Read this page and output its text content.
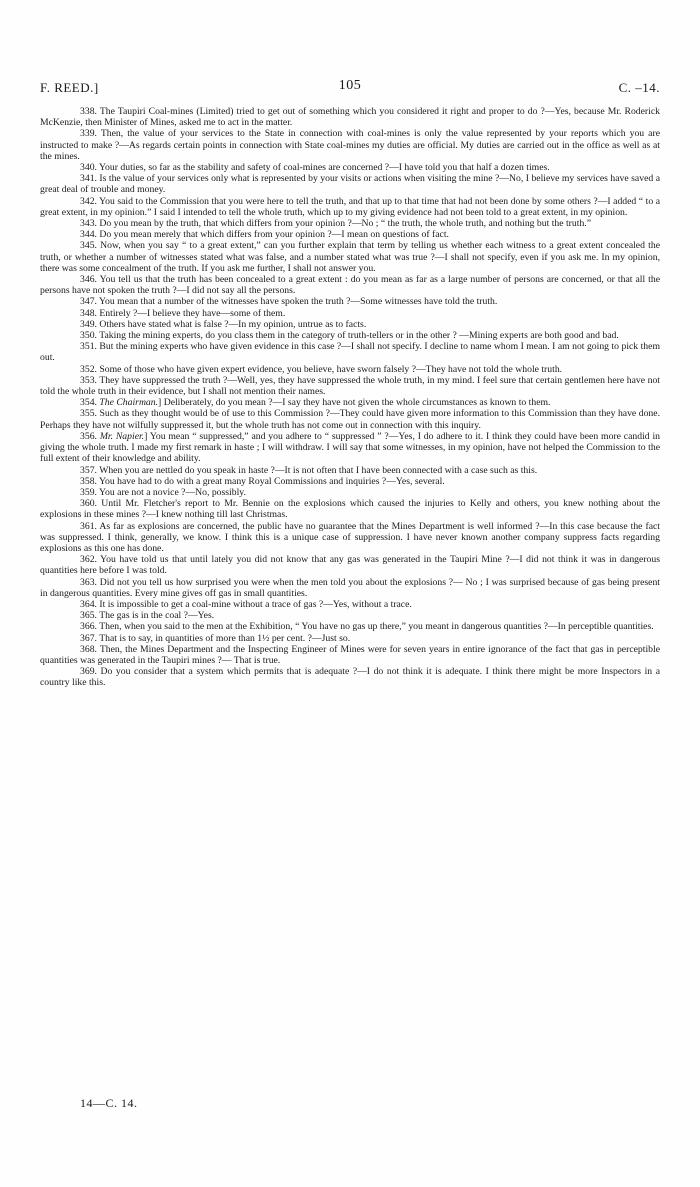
F. REED.]	105	C. –14.

338. The Taupiri Coal-mines (Limited) tried to get out of something which you considered it right and proper to do ?—Yes, because Mr. Roderick McKenzie, then Minister of Mines, asked me to act in the matter.

339. Then, the value of your services to the State in connection with coal-mines is only the value represented by your reports which you are instructed to make ?—As regards certain points in connection with State coal-mines my duties are official. My duties are carried out in the office as well as at the mines.

340. Your duties, so far as the stability and safety of coal-mines are concerned ?—I have told you that half a dozen times.

341. Is the value of your services only what is represented by your visits or actions when visiting the mine ?—No, I believe my services have saved a great deal of trouble and money.

342. You said to the Commission that you were here to tell the truth, and that up to that time that had not been done by some others ?—I added “ to a great extent, in my opinion.” I said I intended to tell the whole truth, which up to my giving evidence had not been told to a great extent, in my opinion.

343. Do you mean by the truth, that which differs from your opinion ?—No ; “ the truth, the whole truth, and nothing but the truth.”

344. Do you mean merely that which differs from your opinion ?—I mean on questions of fact.

345. Now, when you say “ to a great extent,” can you further explain that term by telling us whether each witness to a great extent concealed the truth, or whether a number of witnesses stated what was false, and a number stated what was true ?—I shall not specify, even if you ask me. In my opinion, there was some concealment of the truth. If you ask me further, I shall not answer you.

346. You tell us that the truth has been concealed to a great extent : do you mean as far as a large number of persons are concerned, or that all the persons have not spoken the truth ?—I did not say all the persons.

347. You mean that a number of the witnesses have spoken the truth ?—Some witnesses have told the truth.

348. Entirely ?—I believe they have—some of them.

349. Others have stated what is false ?—In my opinion, untrue as to facts.

350. Taking the mining experts, do you class them in the category of truth-tellers or in the other ? —Mining experts are both good and bad.

351. But the mining experts who have given evidence in this case ?—I shall not specify. I decline to name whom I mean. I am not going to pick them out.

352. Some of those who have given expert evidence, you believe, have sworn falsely ?—They have not told the whole truth.

353. They have suppressed the truth ?—Well, yes, they have suppressed the whole truth, in my mind. I feel sure that certain gentlemen here have not told the whole truth in their evidence, but I shall not mention their names.

354. The Chairman.] Deliberately, do you mean ?—I say they have not given the whole circumstances as known to them.

355. Such as they thought would be of use to this Commission ?—They could have given more information to this Commission than they have done. Perhaps they have not wilfully suppressed it, but the whole truth has not come out in connection with this inquiry.

356. Mr. Napier.] You mean “ suppressed,” and you adhere to “ suppressed ” ?—Yes, I do adhere to it. I think they could have been more candid in giving the whole truth. I made my first remark in haste ; I will withdraw. I will say that some witnesses, in my opinion, have not helped the Commission to the full extent of their knowledge and ability.

357. When you are nettled do you speak in haste ?—It is not often that I have been connected with a case such as this.

358. You have had to do with a great many Royal Commissions and inquiries ?—Yes, several.

359. You are not a novice ?—No, possibly.

360. Until Mr. Fletcher's report to Mr. Bennie on the explosions which caused the injuries to Kelly and others, you knew nothing about the explosions in these mines ?—I knew nothing till last Christmas.

361. As far as explosions are concerned, the public have no guarantee that the Mines Department is well informed ?—In this case because the fact was suppressed. I think, generally, we know. I think this is a unique case of suppression. I have never known another company suppress facts regarding explosions as this one has done.

362. You have told us that until lately you did not know that any gas was generated in the Taupiri Mine ?—I did not think it was in dangerous quantities here before I was told.

363. Did not you tell us how surprised you were when the men told you about the explosions ?— No ; I was surprised because of gas being present in dangerous quantities. Every mine gives off gas in small quantities.

364. It is impossible to get a coal-mine without a trace of gas ?—Yes, without a trace.

365. The gas is in the coal ?—Yes.

366. Then, when you said to the men at the Exhibition, “ You have no gas up there,” you meant in dangerous quantities ?—In perceptible quantities.

367. That is to say, in quantities of more than 1½ per cent. ?—Just so.

368. Then, the Mines Department and the Inspecting Engineer of Mines were for seven years in entire ignorance of the fact that gas in perceptible quantities was generated in the Taupiri mines ?— That is true.

369. Do you consider that a system which permits that is adequate ?—I do not think it is adequate. I think there might be more Inspectors in a country like this.

14—C. 14.
